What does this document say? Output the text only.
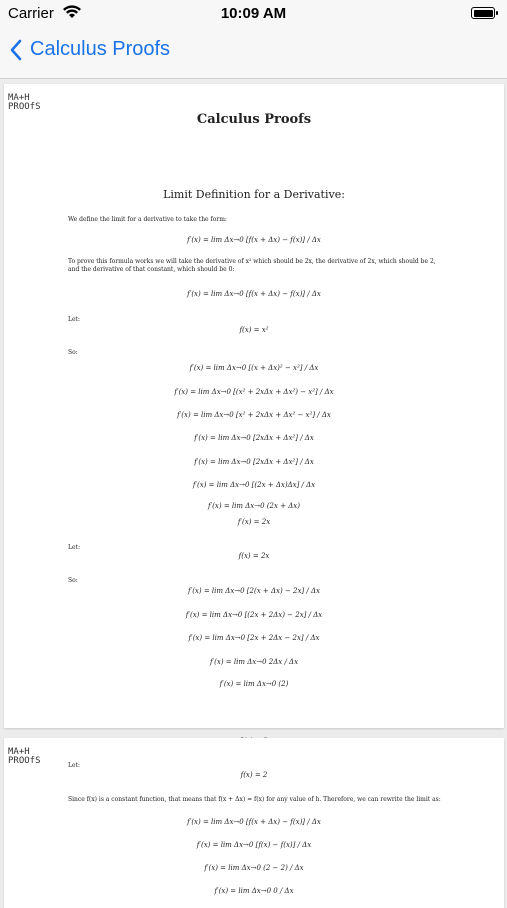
Carrier	10:09 AM
Calculus Proofs
MA+H
PROOfS
Calculus Proofs
Limit Definition for a Derivative:
We define the limit for a derivative to take the form:
f′(x) = lim Δx→0 [f(x + Δx) − f(x)] / Δx
To prove this formula works we will take the derivative of x² which should be 2x, the derivative of 2x, which should be 2, and the derivative of that constant, which should be 0:
f′(x) = lim Δx→0 [f(x + Δx) − f(x)] / Δx
Let:
f(x) = x²
So:
f′(x) = lim Δx→0 [(x + Δx)² − x²] / Δx
f′(x) = lim Δx→0 [(x² + 2xΔx + Δx²) − x²] / Δx
f′(x) = lim Δx→0 [x² + 2xΔx + Δx² − x²] / Δx
f′(x) = lim Δx→0 [2xΔx + Δx²] / Δx
f′(x) = lim Δx→0 [2xΔx + Δx²] / Δx
f′(x) = lim Δx→0 [(2x + Δx)Δx] / Δx
f′(x) = lim Δx→0 (2x + Δx)
f′(x) = 2x
Let:
f(x) = 2x
So:
f′(x) = lim Δx→0 [2(x + Δx) − 2x] / Δx
f′(x) = lim Δx→0 [(2x + 2Δx) − 2x] / Δx
f′(x) = lim Δx→0 [2x + 2Δx − 2x] / Δx
f′(x) = lim Δx→0 2Δx / Δx
f′(x) = lim Δx→0 (2)
MA+H
PROOfS	Let:
f(x) = 2
Since f(x) is a constant function, that means that f(x + Δx) = f(x) for any value of h. Therefore, we can rewrite the limit as:
f′(x) = lim Δx→0 [f(x + Δx) − f(x)] / Δx
f′(x) = lim Δx→0 [f(x) − f(x)] / Δx
f′(x) = lim Δx→0 (2 − 2) / Δx
f′(x) = lim Δx→0 0 / Δx
